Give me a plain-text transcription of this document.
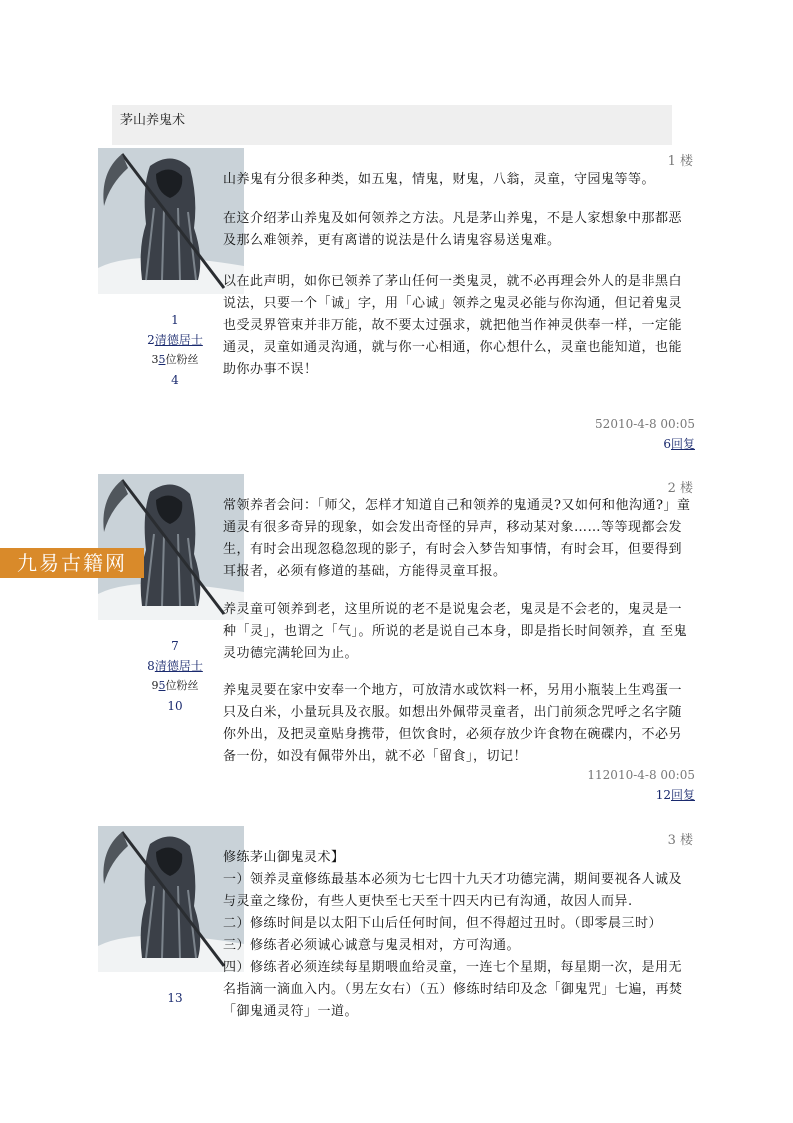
茅山养鬼术
1
2清德居士
35位粉丝
4
1 楼

山养鬼有分很多种类，如五鬼，情鬼，财鬼，八翁，灵童，守园鬼等等。

在这介绍茅山养鬼及如何领养之方法。凡是茅山养鬼，不是人家想象中那都恶及那么难领养，更有离谱的说法是什么请鬼容易送鬼难。

以在此声明，如你已领养了茅山任何一类鬼灵，就不必再理会外人的是非黑白说法，只要一个「诚」字，用「心诚」领养之鬼灵必能与你沟通，但记着鬼灵也受灵界管束并非万能，故不要太过强求，就把他当作神灵供奉一样，一定能通灵，灵童如通灵沟通，就与你一心相通，你心想什么，灵童也能知道，也能助你办事不误！

52010-4-8 00:05
6回复
7
8清德居士
95位粉丝
10
2 楼

常领养者会问：「师父，怎样才知道自己和领养的鬼通灵?又如何和他沟通?」童通灵有很多奇异的现象，如会发出奇怪的异声，移动某对象……等等现都会发生，有时会出现忽稳忽现的影子，有时会入梦告知事情，有时会耳，但要得到耳报者，必须有修道的基础，方能得灵童耳报。

养灵童可领养到老，这里所说的老不是说鬼会老，鬼灵是不会老的，鬼灵是一种「灵」，也谓之「气」。所说的老是说自己本身，即是指长时间领养，直 至鬼灵功德完满轮回为止。

养鬼灵要在家中安奉一个地方，可放清水或饮料一杯，另用小瓶装上生鸡蛋一只及白米，小量玩具及衣服。如想出外佩带灵童者，出门前须念咒呼之名字随你外出，及把灵童贴身携带，但饮食时，必须存放少许食物在碗碟内，不必另备一份，如没有佩带外出，就不必「留食」，切记！

112010-4-8 00:05
12回复
13
3 楼

修练茅山御鬼灵术】

一）领养灵童修练最基本必须为七七四十九天才功德完满，期间要视各人诚及与灵童之缘份，有些人更快至七天至十四天内已有沟通，故因人而异.

二）修练时间是以太阳下山后任何时间，但不得超过丑时。（即零晨三时）

三）修练者必须诚心诚意与鬼灵相对，方可沟通。

四）修练者必须连续每星期喂血给灵童，一连七个星期，每星期一次，是用无名指滴一滴血入内。（男左女右）（五）修练时结印及念「御鬼咒」七遍，再焚「御鬼通灵符」一道。

九易古籍网
